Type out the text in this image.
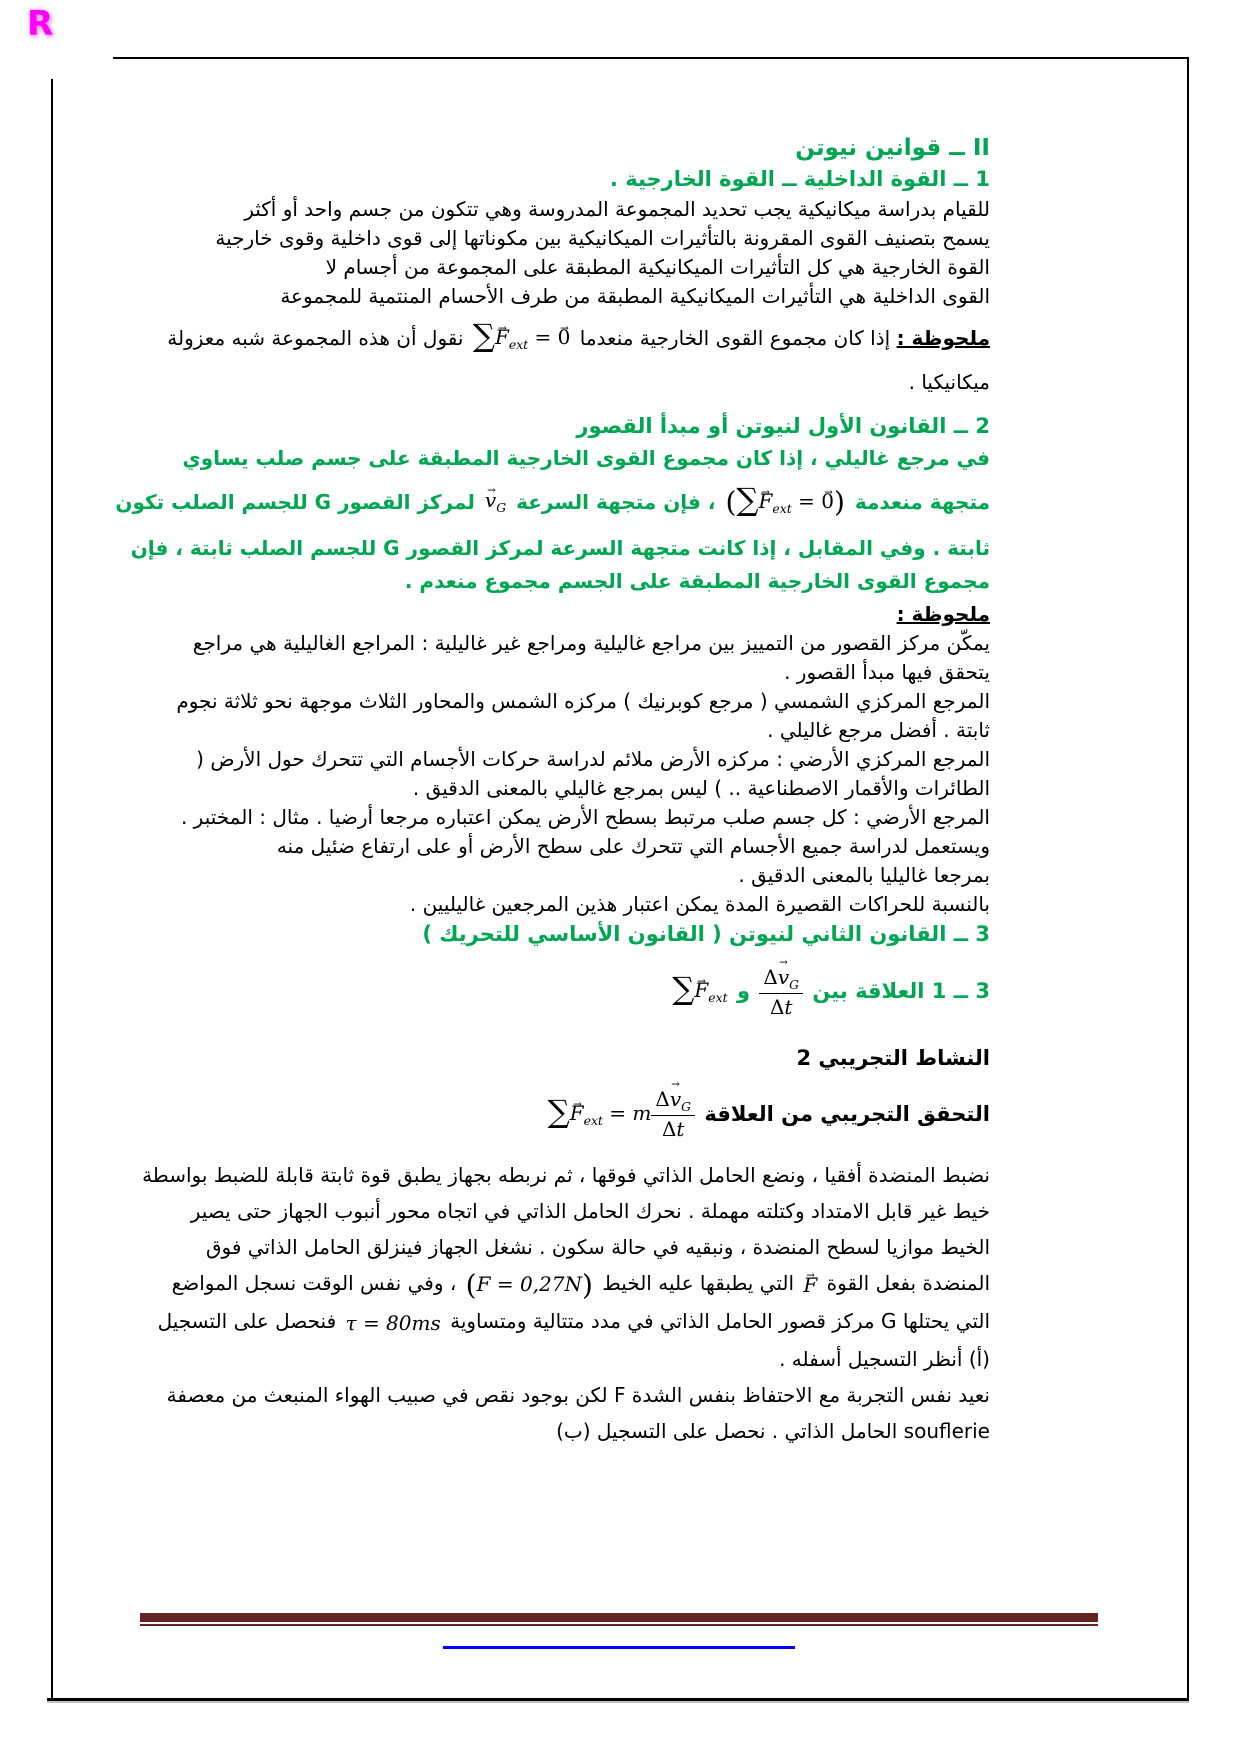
R
II ــ قوانين نيوتن
1 ــ القوة الداخلية ــ القوة الخارجية .
للقيام بدراسة ميكانيكية يجب تحديد المجموعة المدروسة وهي تتكون من جسم واحد أو أكثر
يسمح بتصنيف القوى المقرونة بالتأثيرات الميكانيكية بين مكوناتها إلى قوى داخلية وقوى خارجية
القوة الخارجية هي كل التأثيرات الميكانيكية المطبقة على المجموعة من أجسام لا
القوى الداخلية هي التأثيرات الميكانيكية المطبقة من طرف الأحسام المنتمية للمجموعة
ملحوظة : إذا كان مجموع القوى الخارجية منعدما ∑→ $F_{ext}$ = → 0 نقول أن هذه المجموعة شبه معزولة
ميكانيكيا .
2 ــ القانون الأول لنيوتن أو مبدأ القصور
في مرجع غاليلي ، إذا كان مجموع القوى الخارجية المطبقة على جسم صلب يساوي
متجهة منعدمة (∑→ $F_{ext}$ = → 0) ، فإن متجهة السرعة → $v_G$ لمركز القصور G للجسم الصلب تكون
ثابتة . وفي المقابل ، إذا كانت متجهة السرعة لمركز القصور G للجسم الصلب ثابتة ، فإن
مجموع القوى الخارجية المطبقة على الجسم مجموع منعدم .
ملحوظة :
يمكّن مركز القصور من التمييز بين مراجع غاليلية ومراجع غير غاليلية : المراجع الغاليلية هي مراجع
يتحقق فيها مبدأ القصور .
المرجع المركزي الشمسي ( مرجع كوبرنيك ) مركزه الشمس والمحاور الثلاث موجهة نحو ثلاثة نجوم
ثابتة . أفضل مرجع غاليلي .
المرجع المركزي الأرضي : مركزه الأرض ملائم لدراسة حركات الأجسام التي تتحرك حول الأرض (
الطائرات والأقمار الاصطناعية .. ) ليس بمرجع غاليلي بالمعنى الدقيق .
المرجع الأرضي : كل جسم صلب مرتبط بسطح الأرض يمكن اعتباره مرجعا أرضيا . مثال : المختبر .
ويستعمل لدراسة جميع الأجسام التي تتحرك على سطح الأرض أو على ارتفاع ضئيل منه
بمرجعا غاليليا بالمعنى الدقيق .
بالنسبة للحراكات القصيرة المدة يمكن اعتبار هذين المرجعين غاليليين .
3 ــ القانون الثاني لنيوتن ( القانون الأساسي للتحريك )
3 ــ 1 العلاقة بين
$\frac{\Delta\to v_G}{\Delta t}$
و ∑→ $F_{ext}$
النشاط التجريبي 2
التحقق التجريبي من العلاقة ∑→ $F_{ext} = m \frac{\Delta\to v_G}{\Delta t}$
نضبط المنضدة أفقيا ، ونضع الحامل الذاتي فوقها ، ثم نربطه بجهاز يطبق قوة ثابتة قابلة للضبط بواسطة
خيط غير قابل الامتداد وكتلته مهملة . نحرك الحامل الذاتي في اتجاه محور أنبوب الجهاز حتى يصير
الخيط موازيا لسطح المنضدة ، ونبقيه في حالة سكون . نشغل الجهاز فينزلق الحامل الذاتي فوق
المنضدة بفعل القوة → F التي يطبقها عليه الخيط (F = 0,27N) ، وفي نفس الوقت نسجل المواضع
التي يحتلها G مركز قصور الحامل الذاتي في مدد متتالية ومتساوية τ = 80ms فنحصل على التسجيل
(أ) أنظر التسجيل أسفله .
نعيد نفس التجربة مع الاحتفاظ بنفس الشدة F لكن بوجود نقص في صبيب الهواء المنبعث من معصفة
souflerie الحامل الذاتي . نحصل على التسجيل (ب)
